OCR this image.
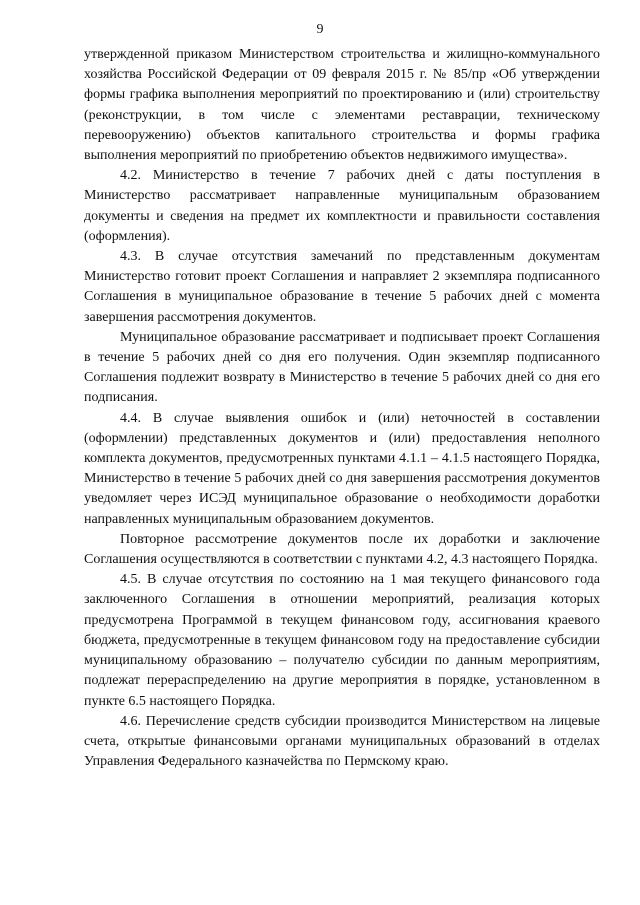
9

утвержденной приказом Министерством строительства и жилищно-коммунального хозяйства Российской Федерации от 09 февраля 2015 г. № 85/пр «Об утверждении формы графика выполнения мероприятий по проектированию и (или) строительству (реконструкции, в том числе с элементами реставрации, техническому перевооружению) объектов капитального строительства и формы графика выполнения мероприятий по приобретению объектов недвижимого имущества».

4.2. Министерство в течение 7 рабочих дней с даты поступления в Министерство рассматривает направленные муниципальным образованием документы и сведения на предмет их комплектности и правильности составления (оформления).

4.3. В случае отсутствия замечаний по представленным документам Министерство готовит проект Соглашения и направляет 2 экземпляра подписанного Соглашения в муниципальное образование в течение 5 рабочих дней с момента завершения рассмотрения документов.

Муниципальное образование рассматривает и подписывает проект Соглашения в течение 5 рабочих дней со дня его получения. Один экземпляр подписанного Соглашения подлежит возврату в Министерство в течение 5 рабочих дней со дня его подписания.

4.4. В случае выявления ошибок и (или) неточностей в составлении (оформлении) представленных документов и (или) предоставления неполного комплекта документов, предусмотренных пунктами 4.1.1 – 4.1.5 настоящего Порядка, Министерство в течение 5 рабочих дней со дня завершения рассмотрения документов уведомляет через ИСЭД муниципальное образование о необходимости доработки направленных муниципальным образованием документов.

Повторное рассмотрение документов после их доработки и заключение Соглашения осуществляются в соответствии с пунктами 4.2, 4.3 настоящего Порядка.

4.5. В случае отсутствия по состоянию на 1 мая текущего финансового года заключенного Соглашения в отношении мероприятий, реализация которых предусмотрена Программой в текущем финансовом году, ассигнования краевого бюджета, предусмотренные в текущем финансовом году на предоставление субсидии муниципальному образованию – получателю субсидии по данным мероприятиям, подлежат перераспределению на другие мероприятия в порядке, установленном в пункте 6.5 настоящего Порядка.

4.6. Перечисление средств субсидии производится Министерством на лицевые счета, открытые финансовыми органами муниципальных образований в отделах Управления Федерального казначейства по Пермскому краю.
